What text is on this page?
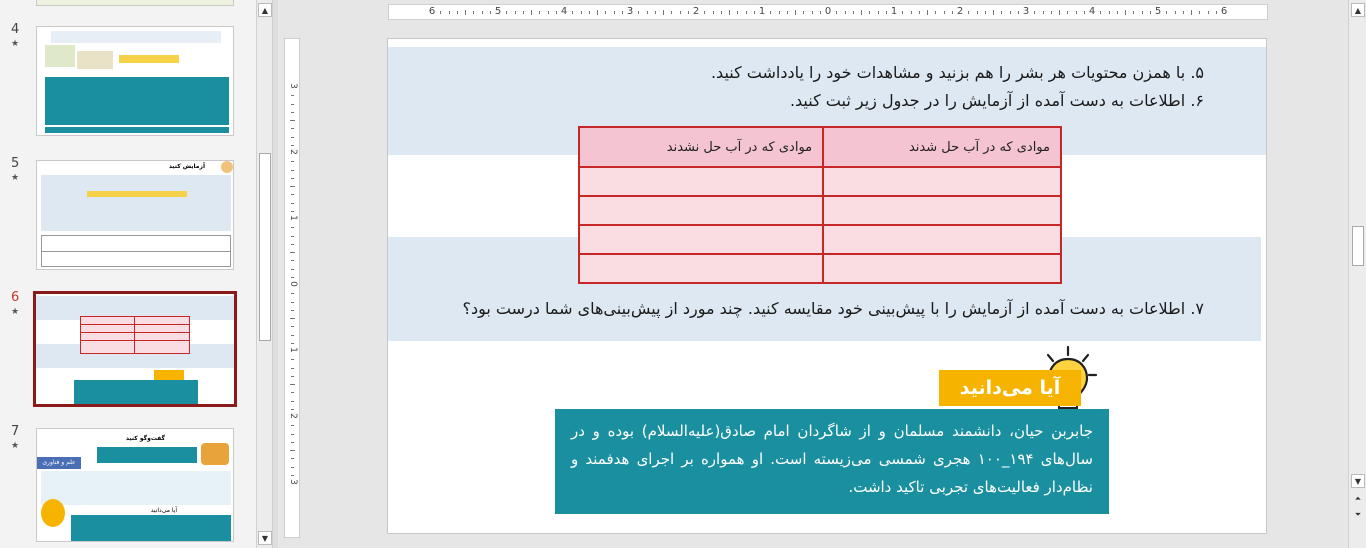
4
★
5
★
آزمایش کنید
6
★
7
★
گفت‌وگو کنید
علم و فناوری
آیا می‌دانید
▲
▼
6	5	4	3	2	1	0	1	2	3	4	5	6
3
2
1
0
1
2
3
۵. با همزن محتویات هر بشر را هم بزنید و مشاهدات خود را یادداشت کنید.
۶. اطلاعات به دست آمده از آزمایش را در جدول زیر ثبت کنید.
موادی که در آب حل نشدند	موادی که در آب حل شدند

۷. اطلاعات به دست آمده از آزمایش را با پیش‌بینی خود مقایسه کنید. چند مورد از پیش‌بینی‌های شما درست بود؟
آیا می‌دانید
جابربن حیان، دانشمند مسلمان و از شاگردان امام صادق(علیه‌السلام) بوده و در سال‌های ۱۹۴_۱۰۰ هجری شمسی می‌زیسته است. او همواره بر اجرای هدفمند و نظام‌دار فعالیت‌های تجربی تاکید داشت.
▲
▼
⏶
⏷
